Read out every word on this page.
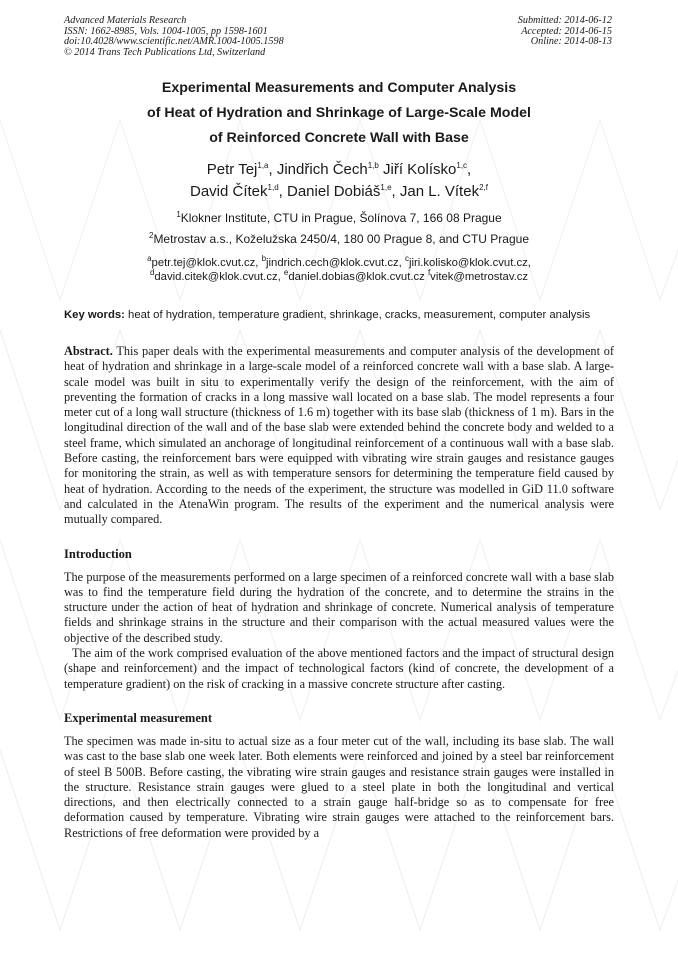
Advanced Materials Research
ISSN: 1662-8985, Vols. 1004-1005, pp 1598-1601
doi:10.4028/www.scientific.net/AMR.1004-1005.1598
© 2014 Trans Tech Publications Ltd, Switzerland
Submitted: 2014-06-12
Accepted: 2014-06-15
Online: 2014-08-13
Experimental Measurements and Computer Analysis
of Heat of Hydration and Shrinkage of Large-Scale Model
of Reinforced Concrete Wall with Base
Petr Tej$^{1,a}$, Jindřich Čech$^{1,b}$ Jiří Kolísko$^{1,c}$,
David Čítek$^{1,d}$, Daniel Dobiáš$^{1,e}$, Jan L. Vítek$^{2,f}$
$^1$Klokner Institute, CTU in Prague, Šolínova 7, 166 08 Prague
$^2$Metrostav a.s., Koželužska 2450/4, 180 00 Prague 8, and CTU Prague
$^a$petr.tej@klok.cvut.cz, $^b$jindrich.cech@klok.cvut.cz, $^c$jiri.kolisko@klok.cvut.cz,
$^d$david.citek@klok.cvut.cz, $^e$daniel.dobias@klok.cvut.cz $^f$vitek@metrostav.cz
Key words: heat of hydration, temperature gradient, shrinkage, cracks, measurement, computer analysis
Abstract. This paper deals with the experimental measurements and computer analysis of the development of heat of hydration and shrinkage in a large-scale model of a reinforced concrete wall with a base slab. A large-scale model was built in situ to experimentally verify the design of the reinforcement, with the aim of preventing the formation of cracks in a long massive wall located on a base slab. The model represents a four meter cut of a long wall structure (thickness of 1.6 m) together with its base slab (thickness of 1 m). Bars in the longitudinal direction of the wall and of the base slab were extended behind the concrete body and welded to a steel frame, which simulated an anchorage of longitudinal reinforcement of a continuous wall with a base slab. Before casting, the reinforcement bars were equipped with vibrating wire strain gauges and resistance gauges for monitoring the strain, as well as with temperature sensors for determining the temperature field caused by heat of hydration. According to the needs of the experiment, the structure was modelled in GiD 11.0 software and calculated in the AtenaWin program. The results of the experiment and the numerical analysis were mutually compared.
Introduction
The purpose of the measurements performed on a large specimen of a reinforced concrete wall with a base slab was to find the temperature field during the hydration of the concrete, and to determine the strains in the structure under the action of heat of hydration and shrinkage of concrete. Numerical analysis of temperature fields and shrinkage strains in the structure and their comparison with the actual measured values were the objective of the described study.
The aim of the work comprised evaluation of the above mentioned factors and the impact of structural design (shape and reinforcement) and the impact of technological factors (kind of concrete, the development of a temperature gradient) on the risk of cracking in a massive concrete structure after casting.
Experimental measurement
The specimen was made in-situ to actual size as a four meter cut of the wall, including its base slab. The wall was cast to the base slab one week later. Both elements were reinforced and joined by a steel bar reinforcement of steel B 500B. Before casting, the vibrating wire strain gauges and resistance strain gauges were installed in the structure. Resistance strain gauges were glued to a steel plate in both the longitudinal and vertical directions, and then electrically connected to a strain gauge half-bridge so as to compensate for free deformation caused by temperature. Vibrating wire strain gauges were attached to the reinforcement bars. Restrictions of free deformation were provided by a
